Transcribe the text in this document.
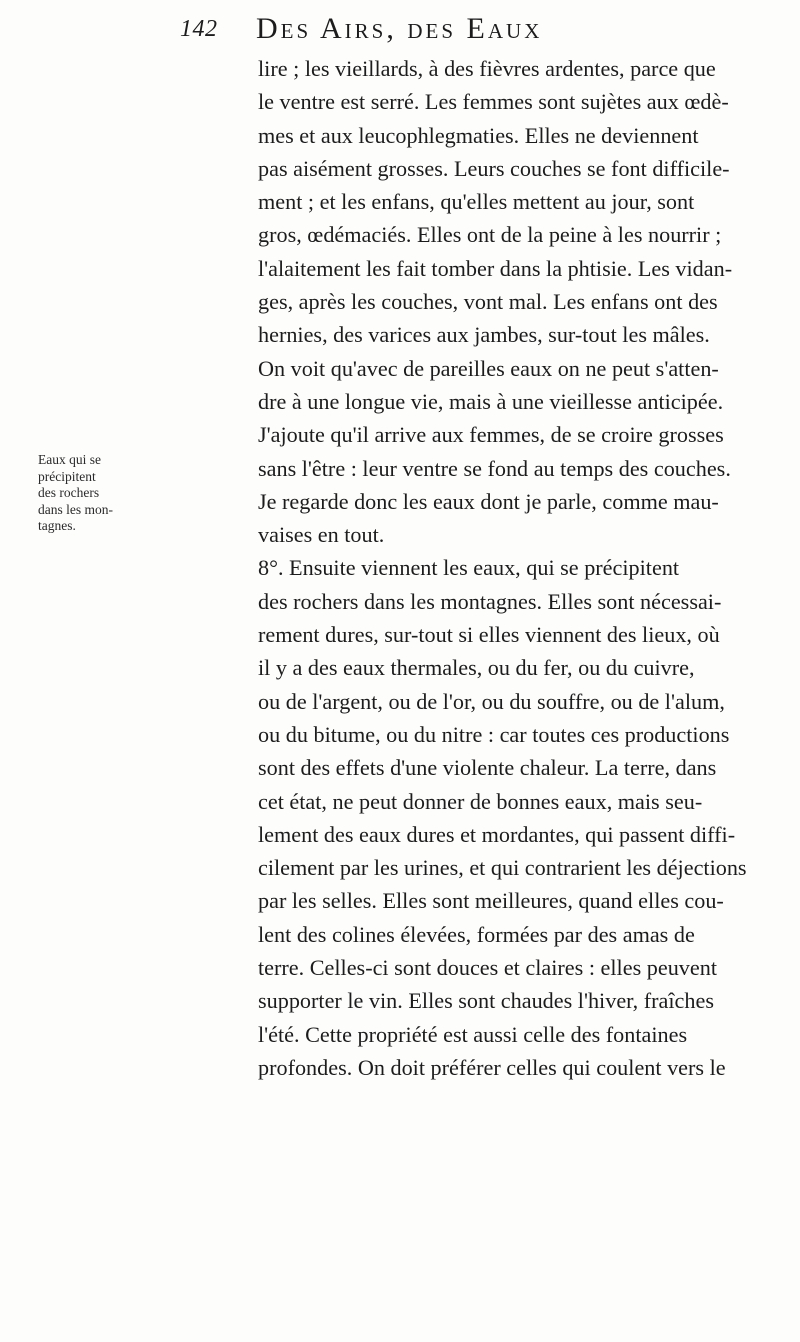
142 Des Airs, des Eaux
Eaux qui se
précipitent
des rochers
dans les mon-
tagnes.
lire ; les vieillards, à des fièvres ardentes, parce que
le ventre est serré. Les femmes sont sujètes aux œdè-
mes et aux leucophlegmaties. Elles ne deviennent
pas aisément grosses. Leurs couches se font difficile-
ment ; et les enfans, qu'elles mettent au jour, sont
gros, œdémaciés. Elles ont de la peine à les nourrir ;
l'alaitement les fait tomber dans la phtisie. Les vidan-
ges, après les couches, vont mal. Les enfans ont des
hernies, des varices aux jambes, sur-tout les mâles.
On voit qu'avec de pareilles eaux on ne peut s'atten-
dre à une longue vie, mais à une vieillesse anticipée.
J'ajoute qu'il arrive aux femmes, de se croire grosses
sans l'être : leur ventre se fond au temps des couches.
Je regarde donc les eaux dont je parle, comme mau-
vaises en tout.
8°. Ensuite viennent les eaux, qui se précipitent
des rochers dans les montagnes. Elles sont nécessai-
rement dures, sur-tout si elles viennent des lieux, où
il y a des eaux thermales, ou du fer, ou du cuivre,
ou de l'argent, ou de l'or, ou du souffre, ou de l'alum,
ou du bitume, ou du nitre : car toutes ces productions
sont des effets d'une violente chaleur. La terre, dans
cet état, ne peut donner de bonnes eaux, mais seu-
lement des eaux dures et mordantes, qui passent diffi-
cilement par les urines, et qui contrarient les déjections
par les selles. Elles sont meilleures, quand elles cou-
lent des colines élevées, formées par des amas de
terre. Celles-ci sont douces et claires : elles peuvent
supporter le vin. Elles sont chaudes l'hiver, fraîches
l'été. Cette propriété est aussi celle des fontaines
profondes. On doit préférer celles qui coulent vers le
